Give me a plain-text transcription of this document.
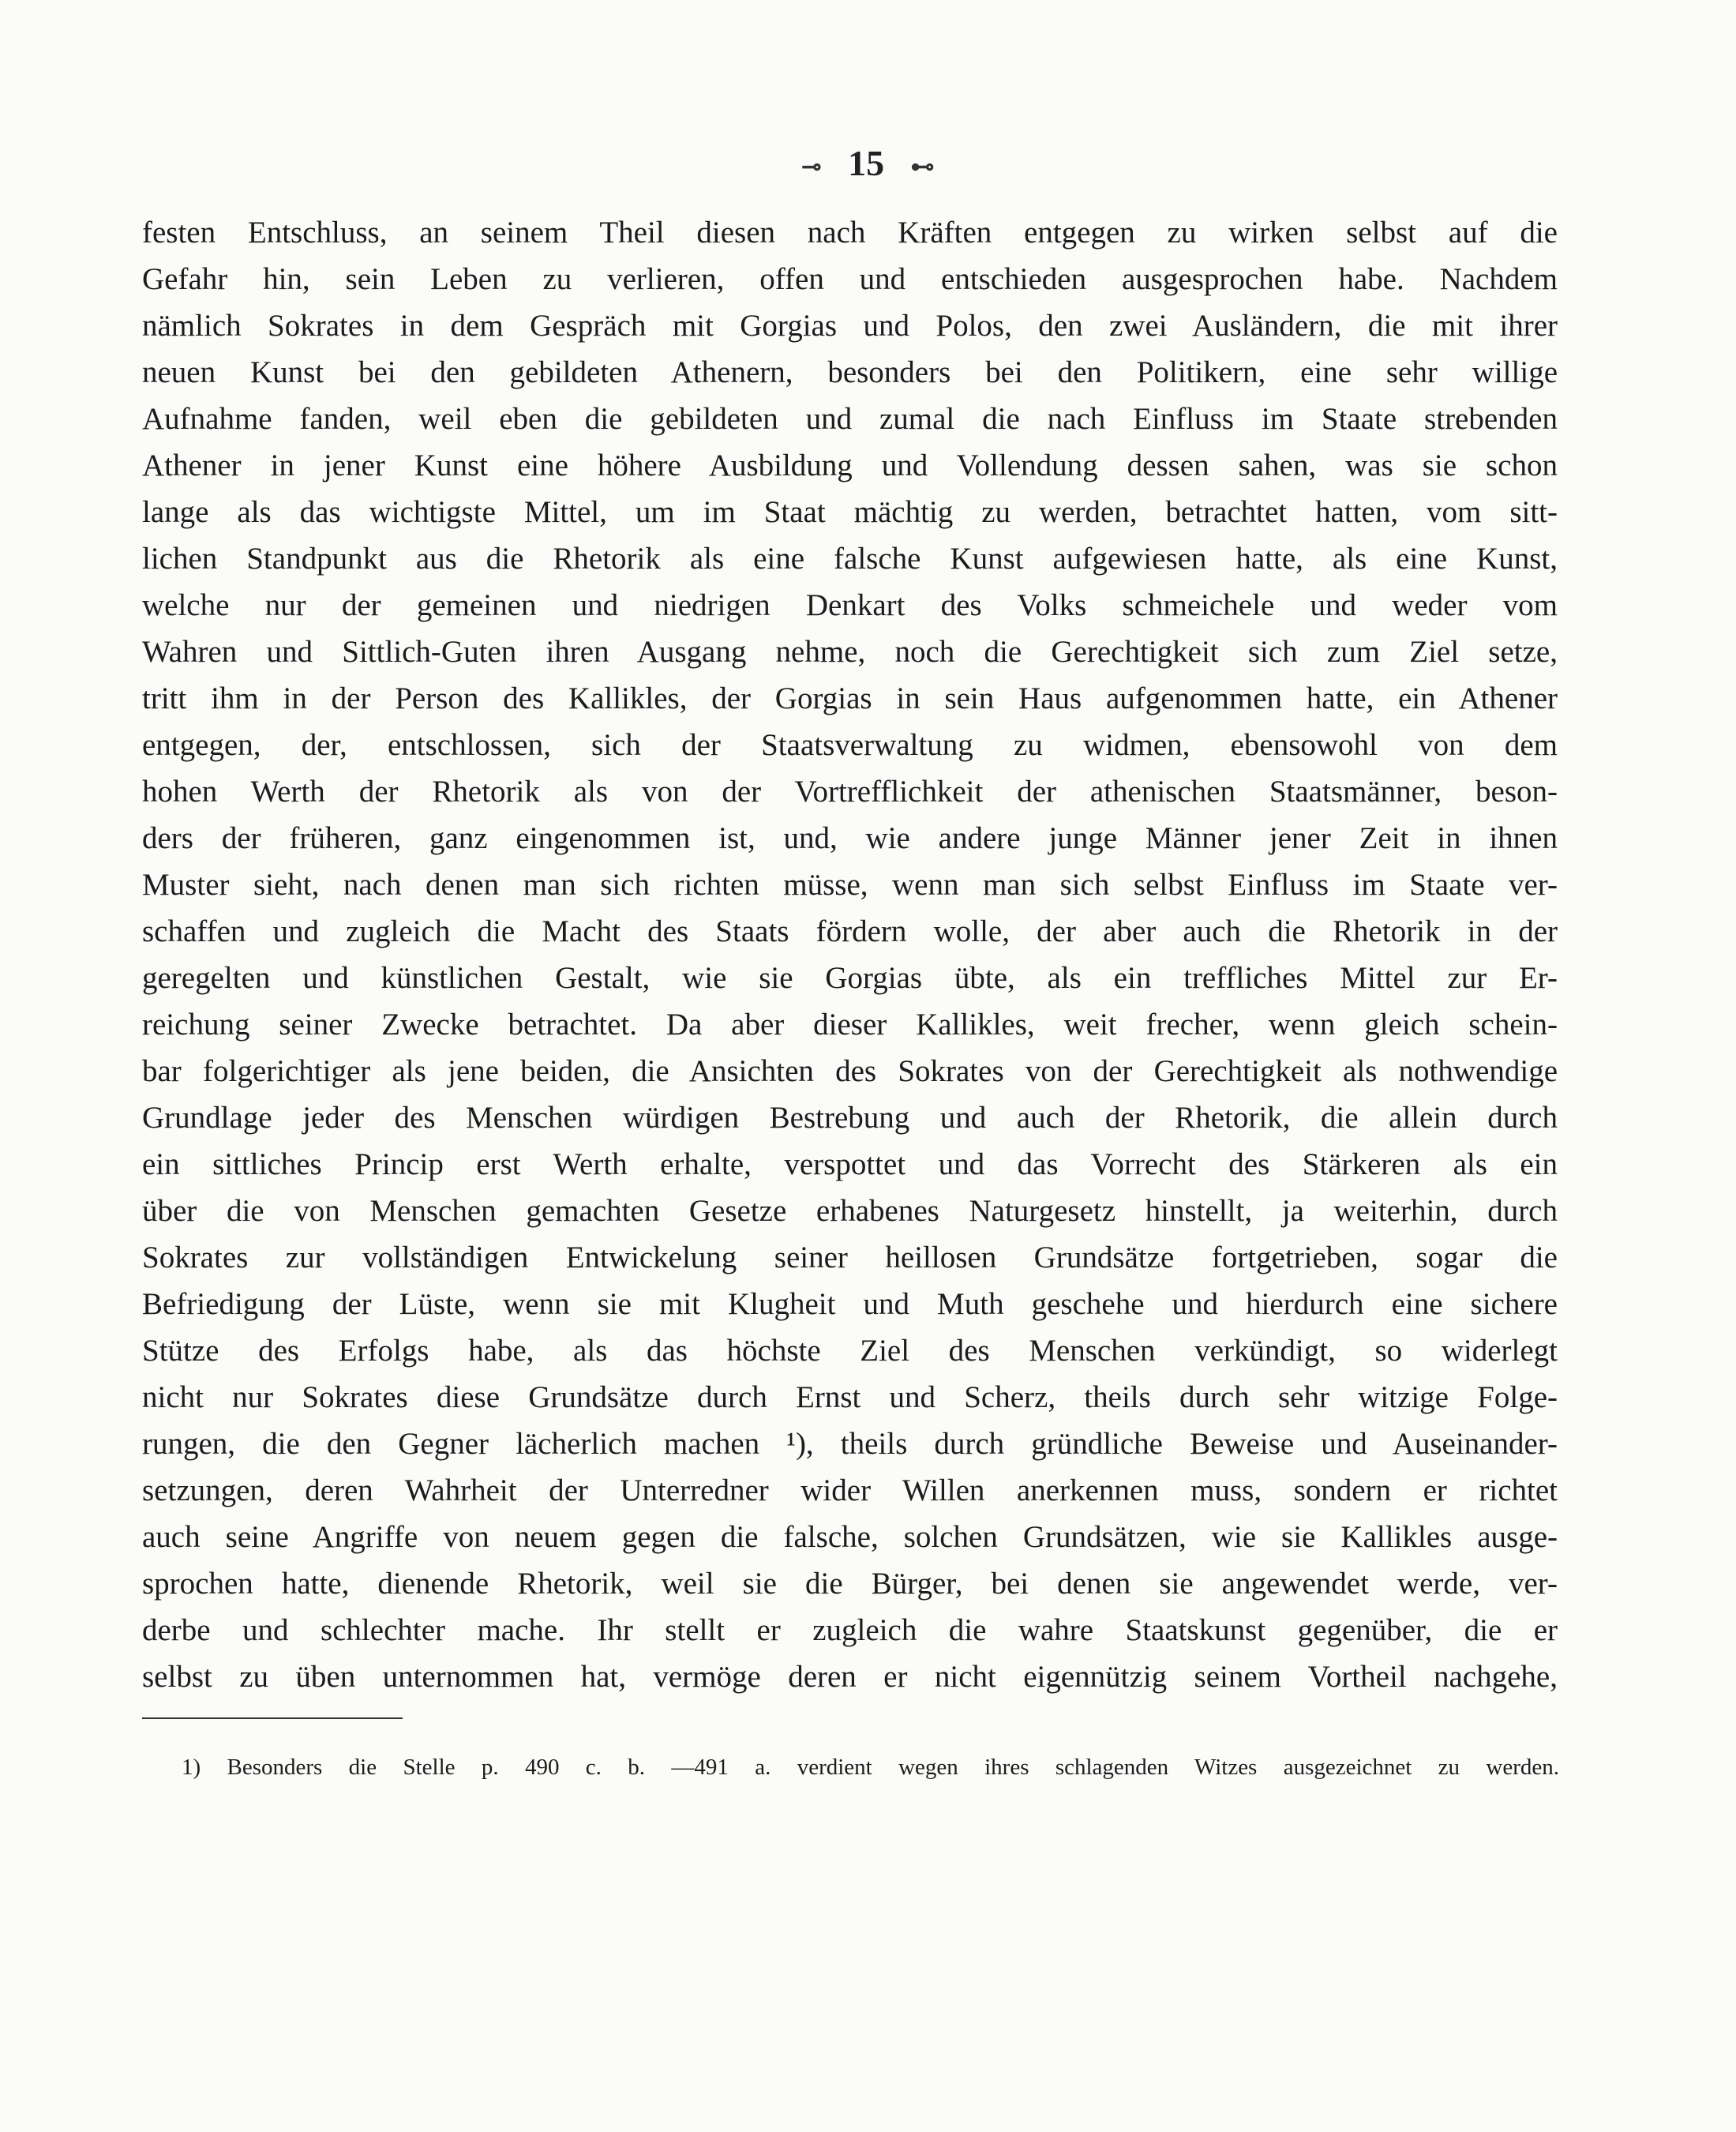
⊸ 15 ⊷
festen Entschluss, an seinem Theil diesen nach Kräften entgegen zu wirken selbst auf die
Gefahr hin, sein Leben zu verlieren, offen und entschieden ausgesprochen habe. Nachdem
nämlich Sokrates in dem Gespräch mit Gorgias und Polos, den zwei Ausländern, die mit ihrer
neuen Kunst bei den gebildeten Athenern, besonders bei den Politikern, eine sehr willige
Aufnahme fanden, weil eben die gebildeten und zumal die nach Einfluss im Staate strebenden
Athener in jener Kunst eine höhere Ausbildung und Vollendung dessen sahen, was sie schon
lange als das wichtigste Mittel, um im Staat mächtig zu werden, betrachtet hatten, vom sitt-
lichen Standpunkt aus die Rhetorik als eine falsche Kunst aufgewiesen hatte, als eine Kunst,
welche nur der gemeinen und niedrigen Denkart des Volks schmeichele und weder vom
Wahren und Sittlich-Guten ihren Ausgang nehme, noch die Gerechtigkeit sich zum Ziel setze,
tritt ihm in der Person des Kallikles, der Gorgias in sein Haus aufgenommen hatte, ein Athener
entgegen, der, entschlossen, sich der Staatsverwaltung zu widmen, ebensowohl von dem
hohen Werth der Rhetorik als von der Vortrefflichkeit der athenischen Staatsmänner, beson-
ders der früheren, ganz eingenommen ist, und, wie andere junge Männer jener Zeit in ihnen
Muster sieht, nach denen man sich richten müsse, wenn man sich selbst Einfluss im Staate ver-
schaffen und zugleich die Macht des Staats fördern wolle, der aber auch die Rhetorik in der
geregelten und künstlichen Gestalt, wie sie Gorgias übte, als ein treffliches Mittel zur Er-
reichung seiner Zwecke betrachtet. Da aber dieser Kallikles, weit frecher, wenn gleich schein-
bar folgerichtiger als jene beiden, die Ansichten des Sokrates von der Gerechtigkeit als nothwendige
Grundlage jeder des Menschen würdigen Bestrebung und auch der Rhetorik, die allein durch
ein sittliches Princip erst Werth erhalte, verspottet und das Vorrecht des Stärkeren als ein
über die von Menschen gemachten Gesetze erhabenes Naturgesetz hinstellt, ja weiterhin, durch
Sokrates zur vollständigen Entwickelung seiner heillosen Grundsätze fortgetrieben, sogar die
Befriedigung der Lüste, wenn sie mit Klugheit und Muth geschehe und hierdurch eine sichere
Stütze des Erfolgs habe, als das höchste Ziel des Menschen verkündigt, so widerlegt
nicht nur Sokrates diese Grundsätze durch Ernst und Scherz, theils durch sehr witzige Folge-
rungen, die den Gegner lächerlich machen ¹), theils durch gründliche Beweise und Auseinander-
setzungen, deren Wahrheit der Unterredner wider Willen anerkennen muss, sondern er richtet
auch seine Angriffe von neuem gegen die falsche, solchen Grundsätzen, wie sie Kallikles ausge-
sprochen hatte, dienende Rhetorik, weil sie die Bürger, bei denen sie angewendet werde, ver-
derbe und schlechter mache. Ihr stellt er zugleich die wahre Staatskunst gegenüber, die er
selbst zu üben unternommen hat, vermöge deren er nicht eigennützig seinem Vortheil nachgehe,
1) Besonders die Stelle p. 490 c. b. —491 a. verdient wegen ihres schlagenden Witzes ausgezeichnet zu werden.
